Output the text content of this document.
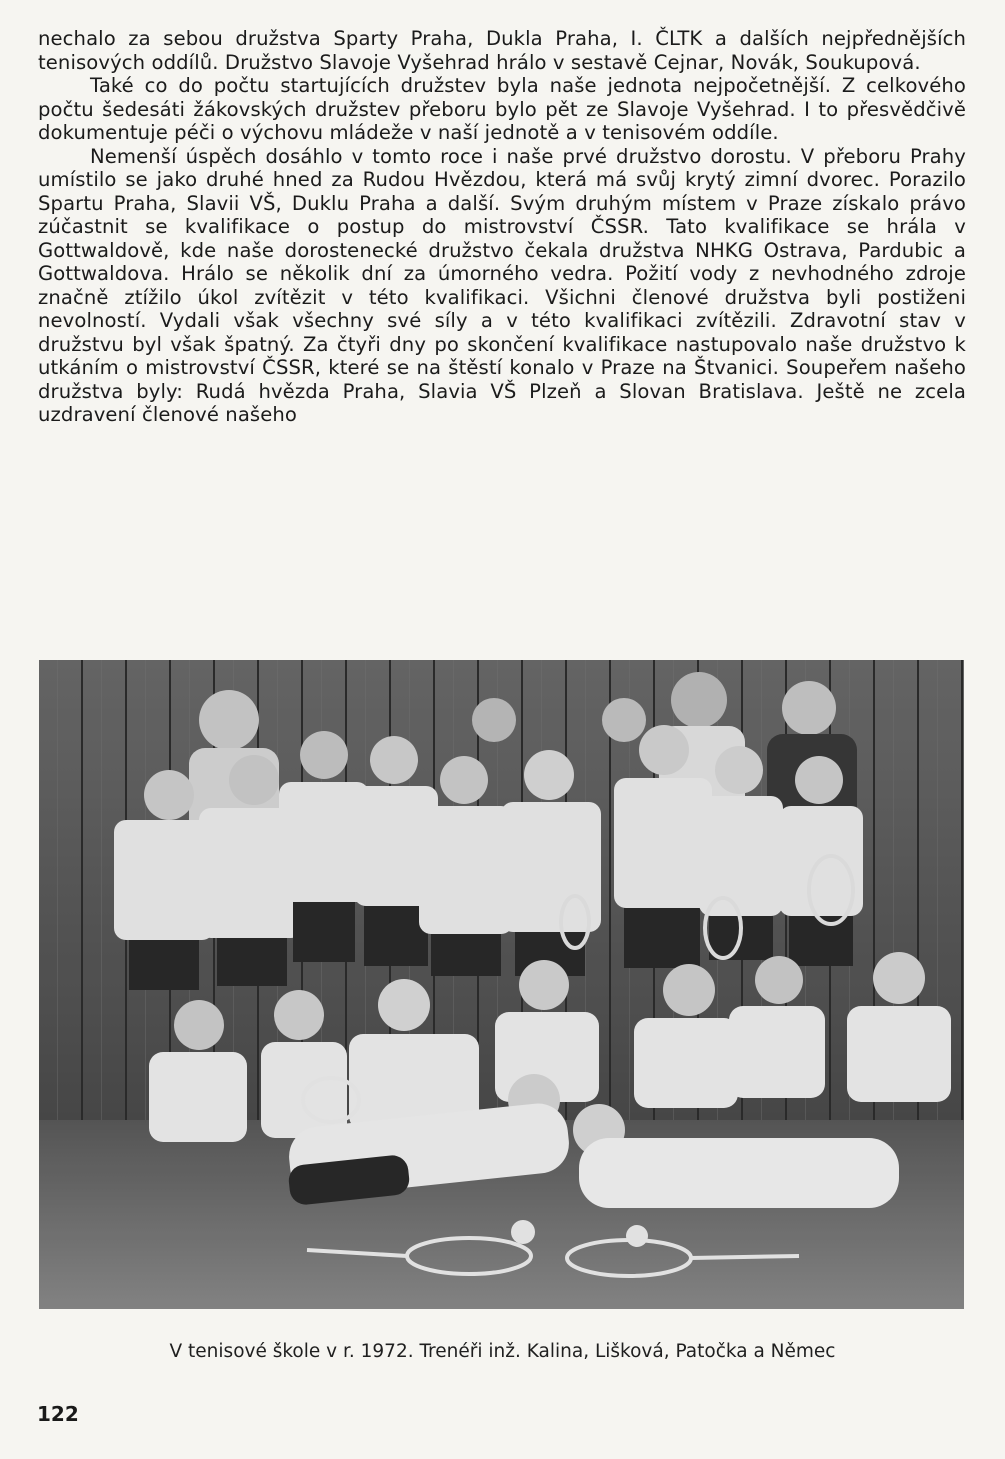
nechalo za sebou družstva Sparty Praha, Dukla Praha, I. ČLTK a dalších nejpřednějších tenisových oddílů. Družstvo Slavoje Vyšehrad hrálo v sestavě Cejnar, Novák, Soukupová.

Také co do počtu startujících družstev byla naše jednota nejpočetnější. Z celkového počtu šedesáti žákovských družstev přeboru bylo pět ze Slavoje Vyšehrad. I to přesvědčivě dokumentuje péči o výchovu mládeže v naší jednotě a v tenisovém oddíle.

Nemenší úspěch dosáhlo v tomto roce i naše prvé družstvo dorostu. V přeboru Prahy umístilo se jako druhé hned za Rudou Hvězdou, která má svůj krytý zimní dvorec. Porazilo Spartu Praha, Slavii VŠ, Duklu Praha a další. Svým druhým místem v Praze získalo právo zúčastnit se kvalifikace o postup do mistrovství ČSSR. Tato kvalifikace se hrála v Gottwaldově, kde naše dorostenecké družstvo čekala družstva NHKG Ostrava, Pardubic a Gottwaldova. Hrálo se několik dní za úmorného vedra. Požití vody z nevhodného zdroje značně ztížilo úkol zvítězit v této kvalifikaci. Všichni členové družstva byli postiženi nevolností. Vydali však všechny své síly a v této kvalifikaci zvítězili. Zdravotní stav v družstvu byl však špatný. Za čtyři dny po skončení kvalifikace nastupovalo naše družstvo k utkáním o mistrovství ČSSR, které se na štěstí konalo v Praze na Štvanici. Soupeřem našeho družstva byly: Rudá hvězda Praha, Slavia VŠ Plzeň a Slovan Bratislava. Ještě ne zcela uzdravení členové našeho

V tenisové škole v r. 1972. Trenéři inž. Kalina, Lišková, Patočka a Němec
122
